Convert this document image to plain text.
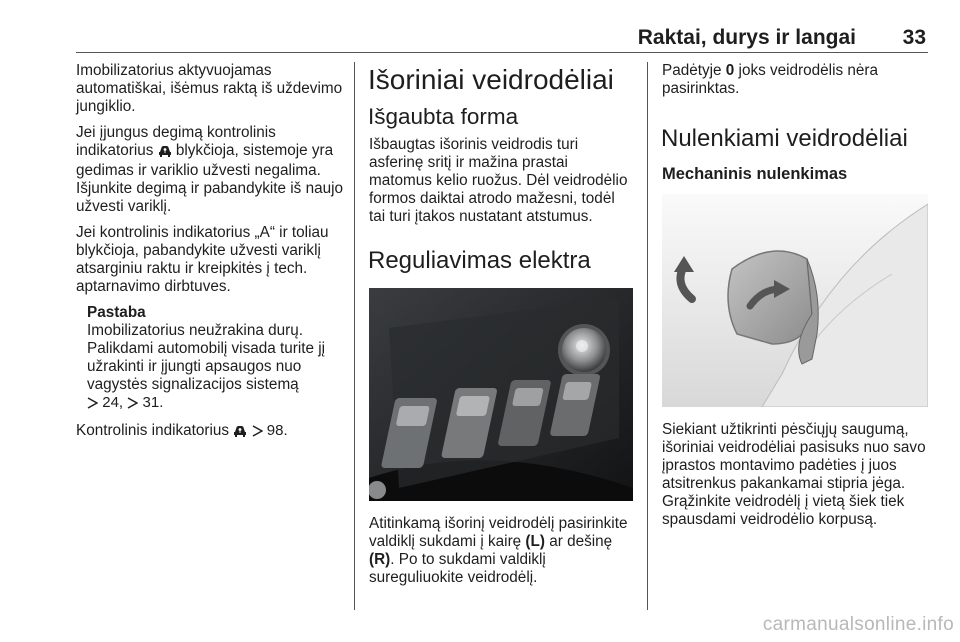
Raktai, durys ir langai 33

Imobilizatorius aktyvuojamas automatiškai, išėmus raktą iš uždevimo jungiklio.

Jei įjungus degimą kontrolinis indikatorius  blykčioja, sistemoje yra gedimas ir variklio užvesti negalima. Išjunkite degimą ir pabandykite iš naujo užvesti variklį.

Jei kontrolinis indikatorius „A“ ir toliau blykčioja, pabandykite užvesti variklį atsarginiu raktu ir kreipkitės į tech. aptarnavimo dirbtuves.

Pastaba
Imobilizatorius neužrakina durų. Palikdami automobilį visada turite jį užrakinti ir įjungti apsaugos nuo vagystės signalizacijos sistemą
24,  31.

Kontrolinis indikatorius   98.

Išoriniai veidrodėliai
Išgaubta forma

Išbaugtas išorinis veidrodis turi asferinę sritį ir mažina prastai matomus kelio ruožus. Dėl veidrodėlio formos daiktai atrodo mažesni, todėl tai turi įtakos nustatant atstumus.

Reguliavimas elektra

Atitinkamą išorinį veidrodėlį pasirinkite valdiklį sukdami į kairę (L) ar dešinę (R). Po to sukdami valdiklį sureguliuokite veidrodėlį.

Padėtyje 0 joks veidrodėlis nėra pasirinktas.

Nulenkiami veidrodėliai
Mechaninis nulenkimas

Siekiant užtikrinti pėsčiųjų saugumą, išoriniai veidrodėliai pasisuks nuo savo įprastos montavimo padėties į juos atsitrenkus pakankamai stipria jėga. Grąžinkite veidrodėlį į vietą šiek tiek spausdami veidrodėlio korpusą.

carmanualsonline.info
